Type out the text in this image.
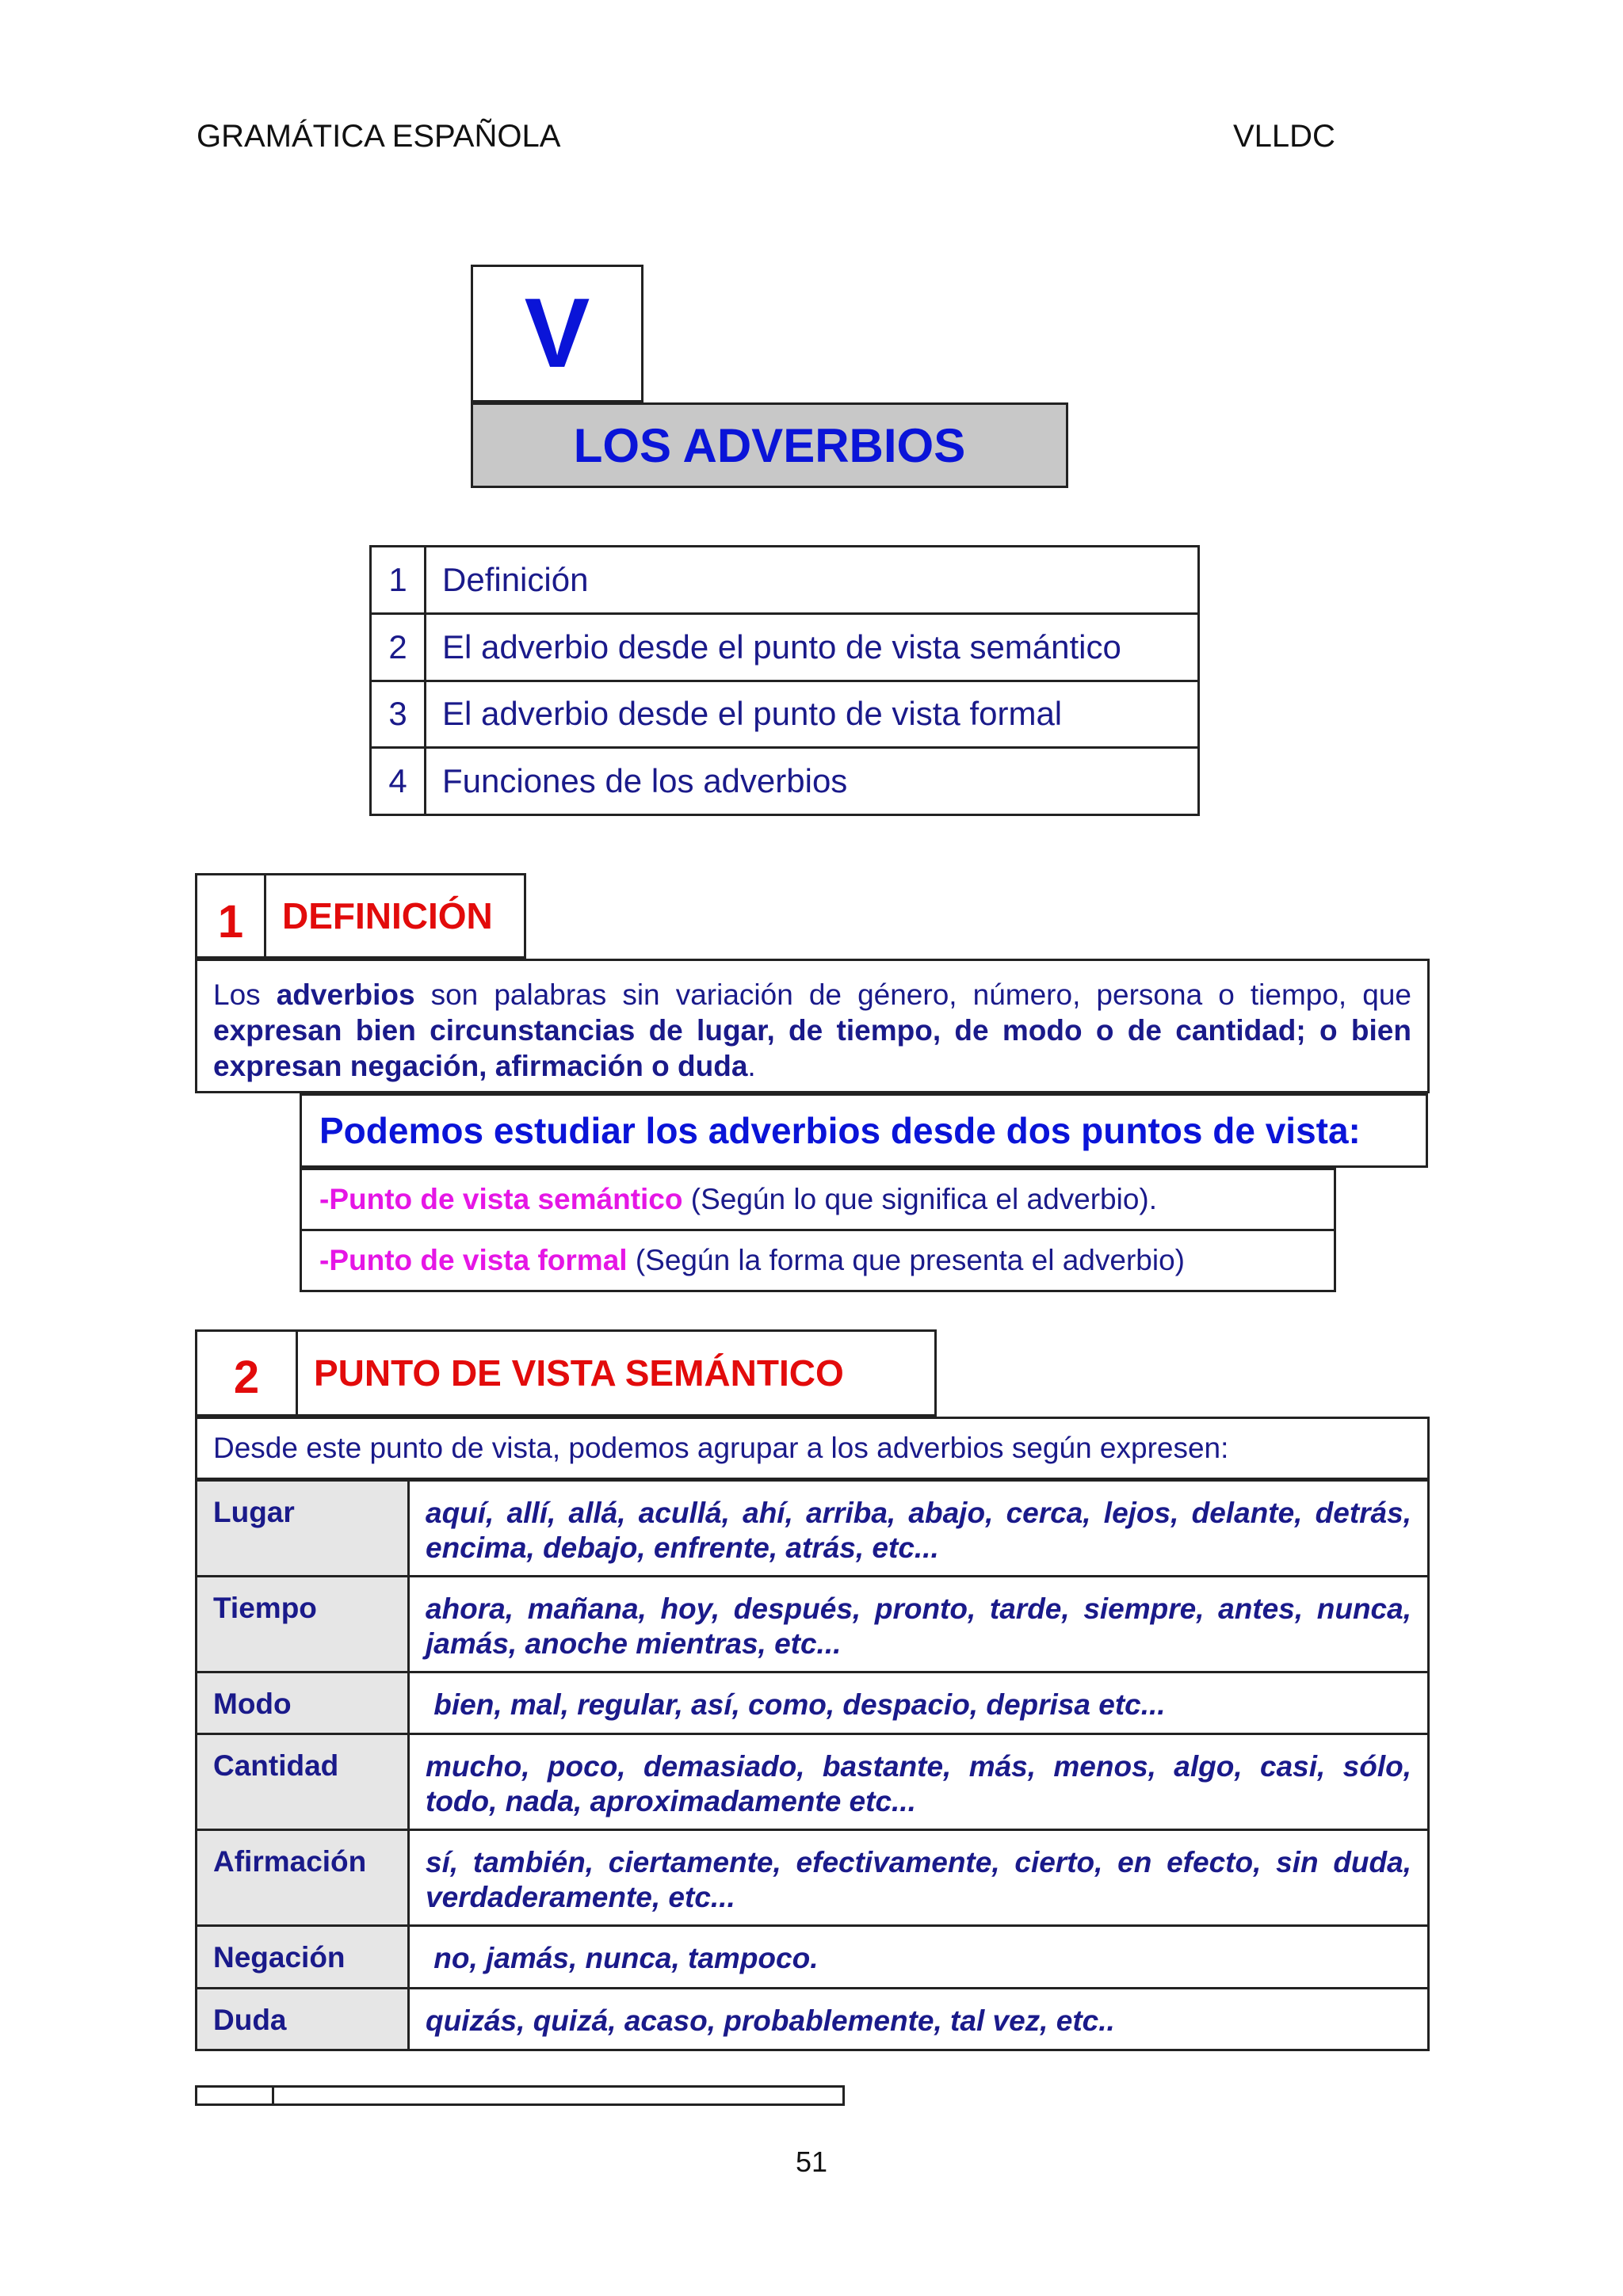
GRAMÁTICA ESPAÑOLA	VLLDC
V
LOS ADVERBIOS
1	Definición
2	El adverbio desde el punto de vista semántico
3	El adverbio desde el punto de vista formal
4	Funciones de los adverbios
1	DEFINICIÓN
Los adverbios son palabras sin variación de género, número, persona o tiempo, que expresan bien circunstancias de lugar, de tiempo, de modo o de cantidad; o bien expresan negación, afirmación o duda.
Podemos estudiar los adverbios desde dos puntos de vista:
-Punto de vista semántico (Según lo que significa el adverbio).
-Punto de vista formal (Según la forma que presenta el adverbio)
2	PUNTO DE VISTA SEMÁNTICO
Desde este punto de vista, podemos agrupar a los adverbios según expresen:
Lugar	aquí, allí, allá, acullá, ahí, arriba, abajo, cerca, lejos, delante, detrás, encima, debajo, enfrente, atrás, etc...
Tiempo	ahora, mañana, hoy, después, pronto, tarde, siempre, antes, nunca, jamás, anoche mientras, etc...
Modo	bien, mal, regular, así, como, despacio, deprisa etc...
Cantidad	mucho, poco, demasiado, bastante, más, menos, algo, casi, sólo, todo, nada, aproximadamente etc...
Afirmación	sí, también, ciertamente, efectivamente, cierto, en efecto, sin duda, verdaderamente, etc...
Negación	no, jamás, nunca, tampoco.
Duda	quizás, quizá, acaso, probablemente, tal vez, etc..
51
